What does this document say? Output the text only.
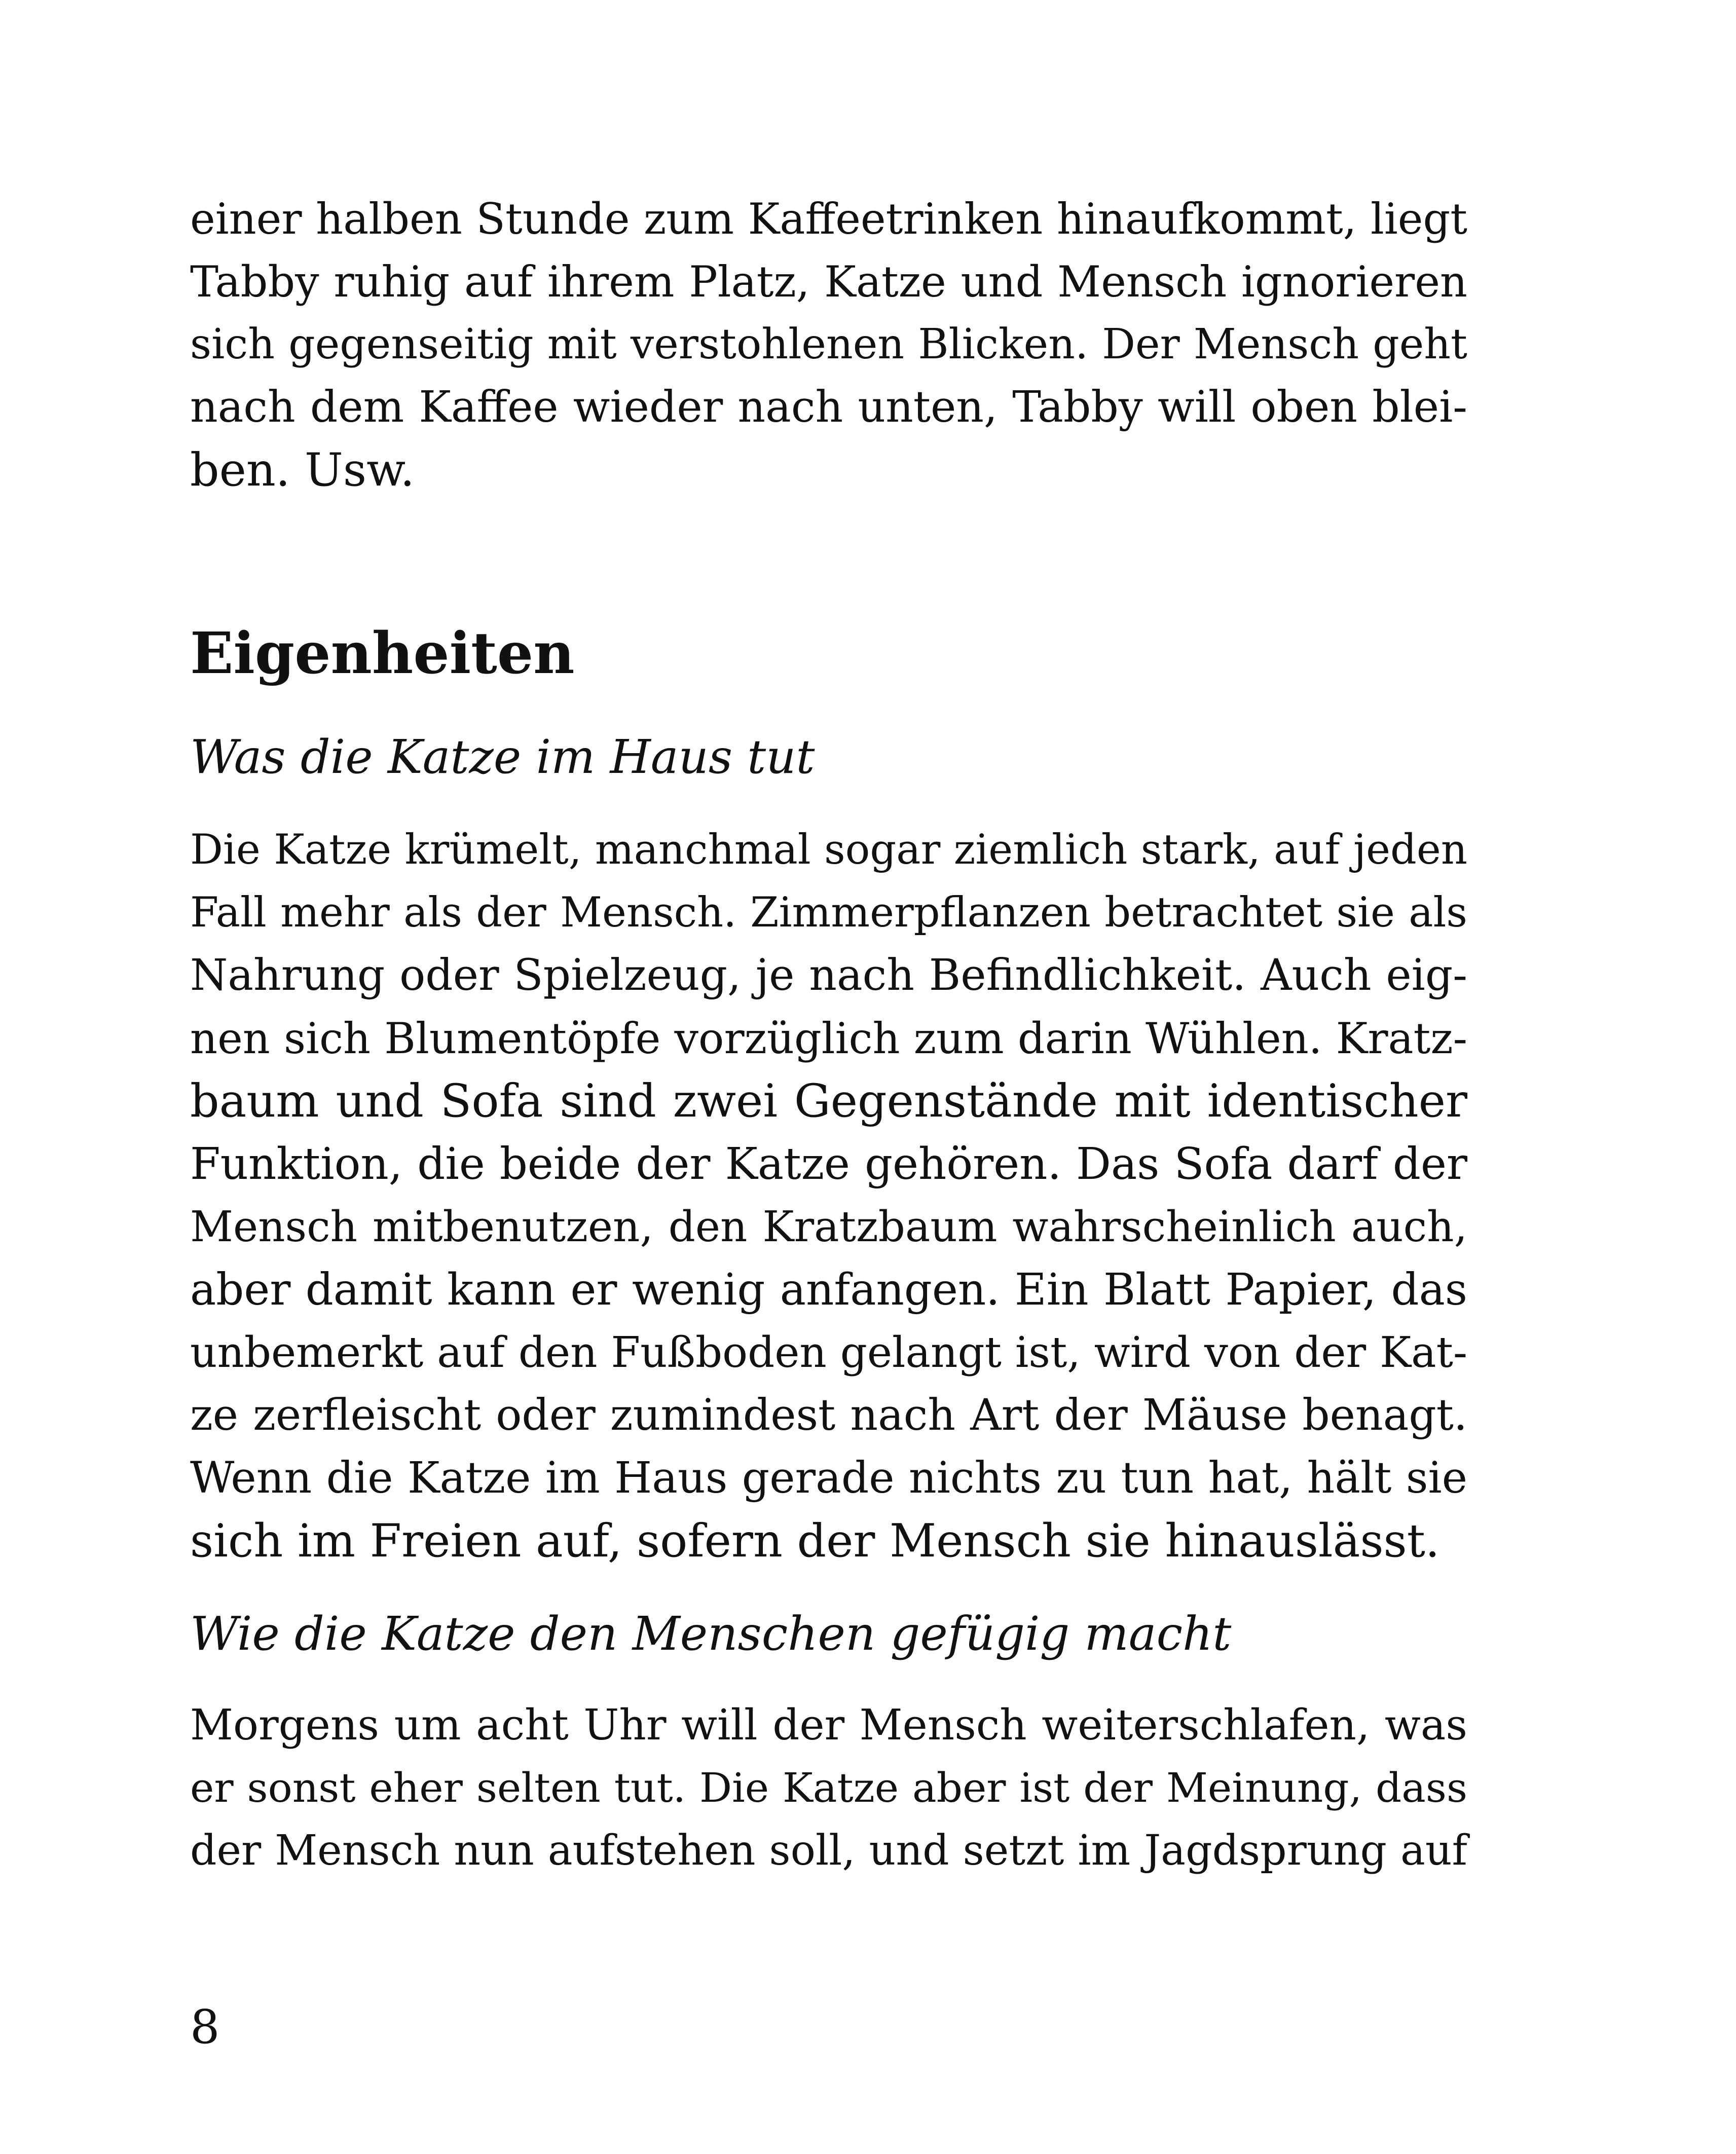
einer halben Stunde zum Kaffeetrinken hinaufkommt, liegt
Tabby ruhig auf ihrem Platz, Katze und Mensch ignorieren
sich gegenseitig mit verstohlenen Blicken. Der Mensch geht
nach dem Kaffee wieder nach unten, Tabby will oben blei-
ben. Usw.
Eigenheiten
Was die Katze im Haus tut
Die Katze krümelt, manchmal sogar ziemlich stark, auf jeden
Fall mehr als der Mensch. Zimmerpflanzen betrachtet sie als
Nahrung oder Spielzeug, je nach Befindlichkeit. Auch eig-
nen sich Blumentöpfe vorzüglich zum darin Wühlen. Kratz-
baum und Sofa sind zwei Gegenstände mit identischer
Funktion, die beide der Katze gehören. Das Sofa darf der
Mensch mitbenutzen, den Kratzbaum wahrscheinlich auch,
aber damit kann er wenig anfangen. Ein Blatt Papier, das
unbemerkt auf den Fußboden gelangt ist, wird von der Kat-
ze zerfleischt oder zumindest nach Art der Mäuse benagt.
Wenn die Katze im Haus gerade nichts zu tun hat, hält sie
sich im Freien auf, sofern der Mensch sie hinauslässt.
Wie die Katze den Menschen gefügig macht
Morgens um acht Uhr will der Mensch weiterschlafen, was
er sonst eher selten tut. Die Katze aber ist der Meinung, dass
der Mensch nun aufstehen soll, und setzt im Jagdsprung auf
8
